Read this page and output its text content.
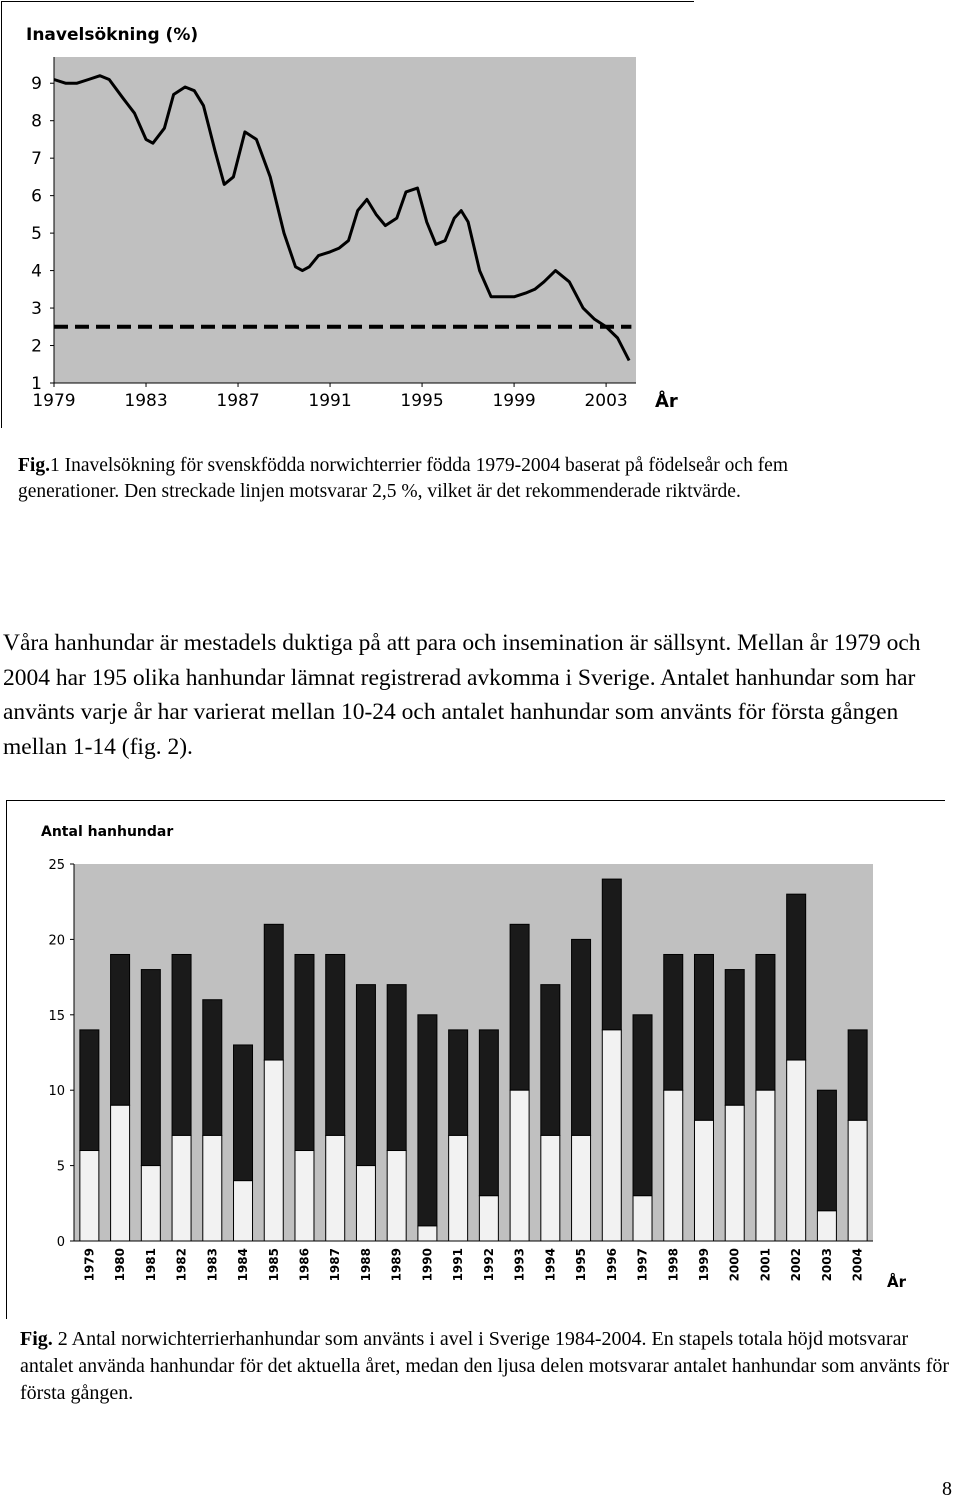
Inavelsökning (%)
1
2
3
4
5
6
7
8
9
1979	1983	1987	1991	1995	1999	2003 År
Fig.1 Inavelsökning för svenskfödda norwichterrier födda 1979-2004 baserat på födelseår och fem generationer. Den streckade linjen motsvarar 2,5 %, vilket är det rekommenderade riktvärde.
Våra hanhundar är mestadels duktiga på att para och insemination är sällsynt. Mellan år 1979 och 2004 har 195 olika hanhundar lämnat registrerad avkomma i Sverige. Antalet hanhundar som har använts varje år har varierat mellan 10-24 och antalet hanhundar som använts för första gången mellan 1-14 (fig. 2).
Antal hanhundar
0
5
10
15
20
25
1979 1980 1981 1982 1983 1984 1985 1986 1987 1988 1989 1990 1991 1992 1993 1994 1995 1996 1997 1998 1999 2000 2001 2002 2003 2004
År
Fig. 2 Antal norwichterrierhanhundar som använts i avel i Sverige 1984-2004. En stapels totala höjd motsvarar antalet använda hanhundar för det aktuella året, medan den ljusa delen motsvarar antalet hanhundar som använts för första gången.
8
